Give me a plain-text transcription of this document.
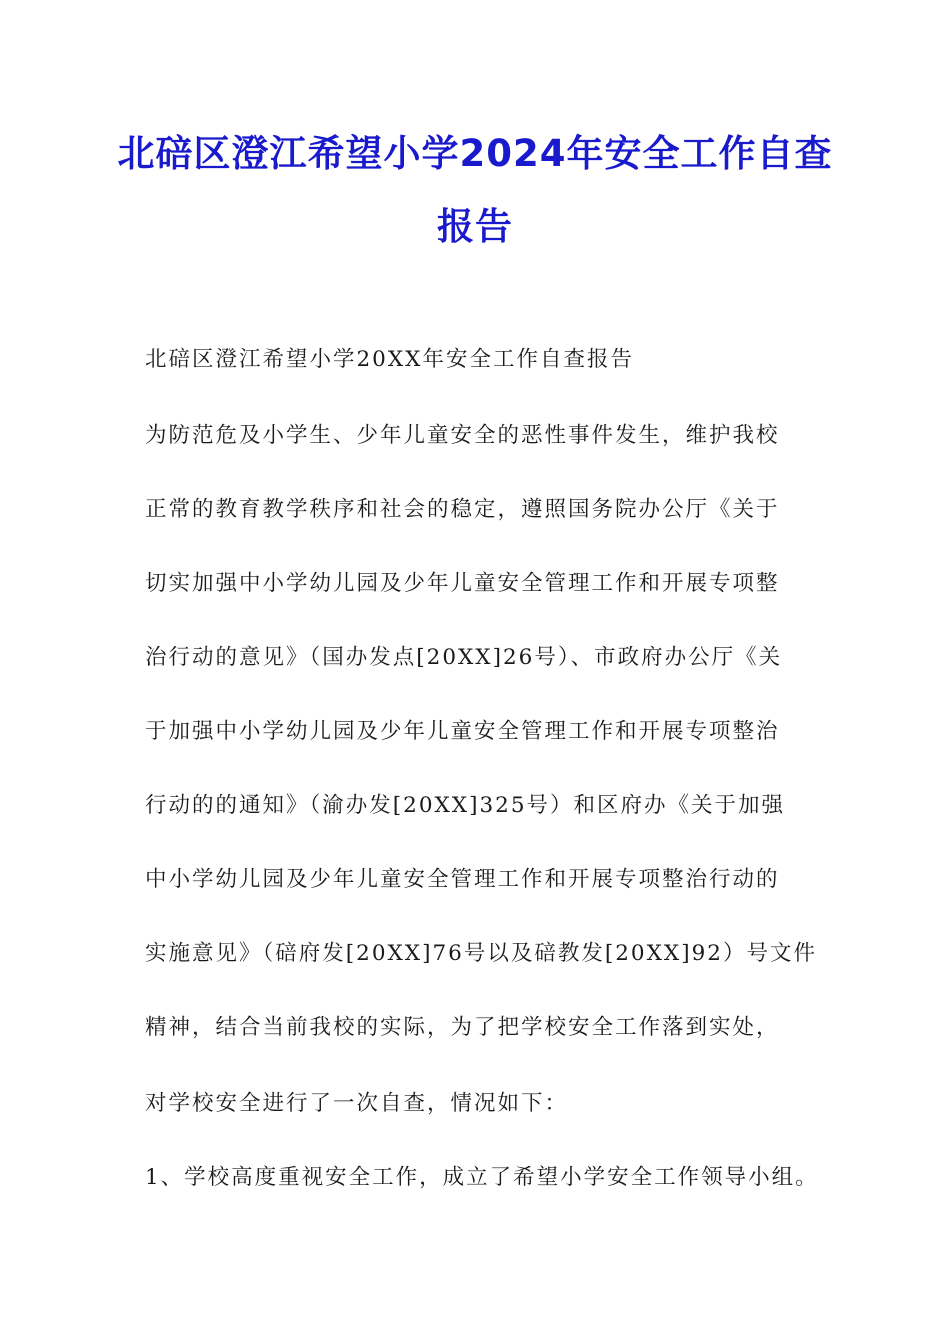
北碚区澄江希望小学2024年安全工作自查
报告
北碚区澄江希望小学20XX年安全工作自查报告
为防范危及小学生、少年儿童安全的恶性事件发生，维护我校
正常的教育教学秩序和社会的稳定，遵照国务院办公厅《关于
切实加强中小学幼儿园及少年儿童安全管理工作和开展专项整
治行动的意见》（国办发点[20XX]26号）、市政府办公厅《关
于加强中小学幼儿园及少年儿童安全管理工作和开展专项整治
行动的的通知》（渝办发[20XX]325号）和区府办《关于加强
中小学幼儿园及少年儿童安全管理工作和开展专项整治行动的
实施意见》（碚府发[20XX]76号以及碚教发[20XX]92）号文件
精神，结合当前我校的实际，为了把学校安全工作落到实处，
对学校安全进行了一次自查，情况如下：
1、学校高度重视安全工作，成立了希望小学安全工作领导小组。
